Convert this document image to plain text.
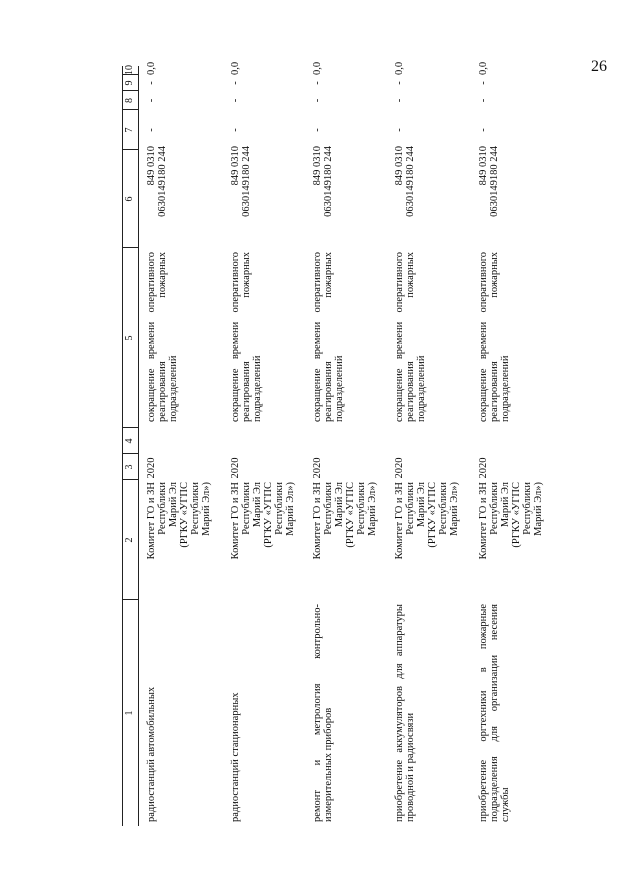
26
1
2
3
4
5
6
7
8
9
10
радиостанций автомобильных
Комитет ГО и ЗН Республики Марий Эл (РГКУ «УГПС Республики Марий Эл»)
2020
сокращение времени оперативного реагирования пожарных подразделений
849 0310 0630149180 244
-
-
-
0,0
радиостанций стационарных
Комитет ГО и ЗН Республики Марий Эл (РГКУ «УГПС Республики Марий Эл»)
2020
сокращение времени оперативного реагирования пожарных подразделений
849 0310 0630149180 244
-
-
-
0,0
ремонт и метрология контрольно-измерительных приборов
Комитет ГО и ЗН Республики Марий Эл (РГКУ «УГПС Республики Марий Эл»)
2020
сокращение времени оперативного реагирования пожарных подразделений
849 0310 0630149180 244
-
-
-
0,0
приобретение аккумуляторов для аппаратуры проводной и радиосвязи
Комитет ГО и ЗН Республики Марий Эл (РГКУ «УГПС Республики Марий Эл»)
2020
сокращение времени оперативного реагирования пожарных подразделений
849 0310 0630149180 244
-
-
-
0,0
приобретение оргтехники в пожарные подразделения для организации несения службы
Комитет ГО и ЗН Республики Марий Эл (РГКУ «УГПС Республики Марий Эл»)
2020
сокращение времени оперативного реагирования пожарных подразделений
849 0310 0630149180 244
-
-
-
0,0
